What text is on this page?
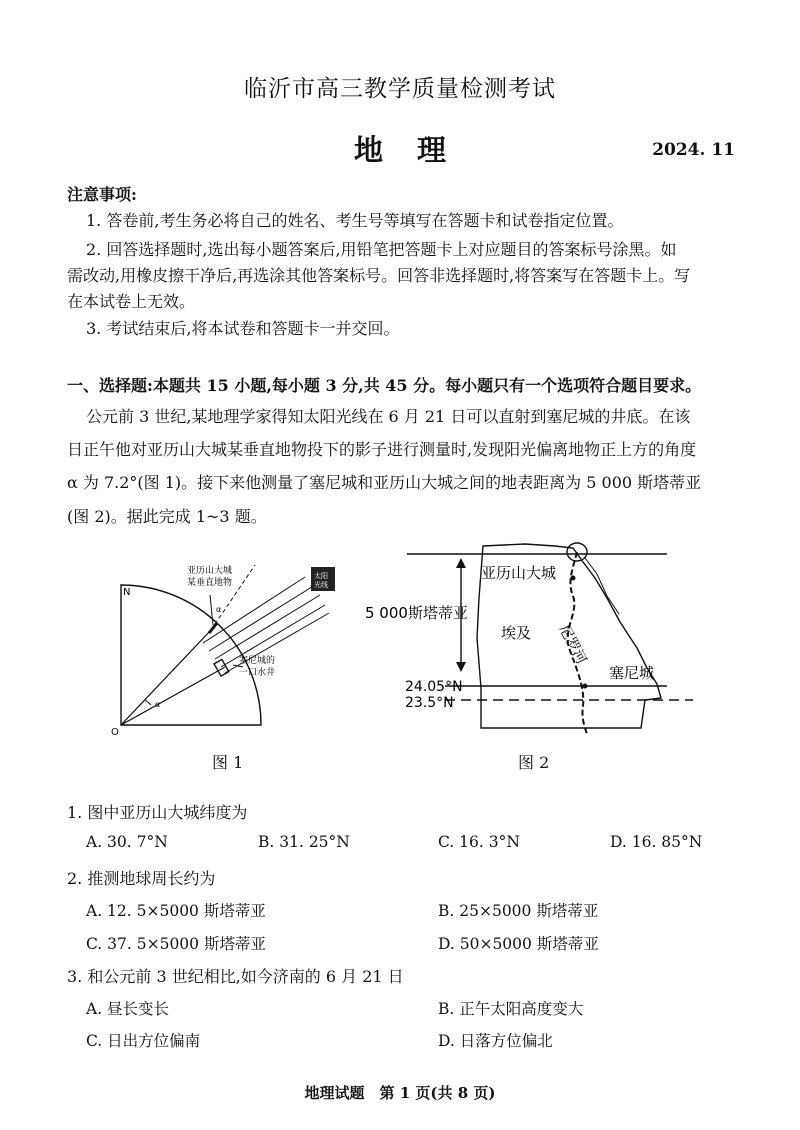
临沂市高三教学质量检测考试
地理	2024. 11
注意事项:
1. 答卷前,考生务必将自己的姓名、考生号等填写在答题卡和试卷指定位置。
2. 回答选择题时,选出每小题答案后,用铅笔把答题卡上对应题目的答案标号涂黑。如
需改动,用橡皮擦干净后,再选涂其他答案标号。回答非选择题时,将答案写在答题卡上。写
在本试卷上无效。
3. 考试结束后,将本试卷和答题卡一并交回。
一、选择题:本题共 15 小题,每小题 3 分,共 45 分。每小题只有一个选项符合题目要求。
公元前 3 世纪,某地理学家得知太阳光线在 6 月 21 日可以直射到塞尼城的井底。在该
日正午他对亚历山大城某垂直地物投下的影子进行测量时,发现阳光偏离地物正上方的角度
α 为 7.2°(图 1)。接下来他测量了塞尼城和亚历山大城之间的地表距离为 5 000 斯塔蒂亚
(图 2)。据此完成 1~3 题。
α
α
太阳
光线
亚历山大城
某垂直地物
塞尼城的
一口水井
N
O
图 1
亚历山大城
5 000斯塔蒂亚
埃及 尼罗河
塞尼城
24.05°N
23.5°N
图 2
1. 图中亚历山大城纬度为
A. 30. 7°N	B. 31. 25°N	C. 16. 3°N	D. 16. 85°N
2. 推测地球周长约为
A. 12. 5×5000 斯塔蒂亚	B. 25×5000 斯塔蒂亚
C. 37. 5×5000 斯塔蒂亚	D. 50×5000 斯塔蒂亚
3. 和公元前 3 世纪相比,如今济南的 6 月 21 日
A. 昼长变长	B. 正午太阳高度变大
C. 日出方位偏南	D. 日落方位偏北
地理试题　第 1 页(共 8 页)
